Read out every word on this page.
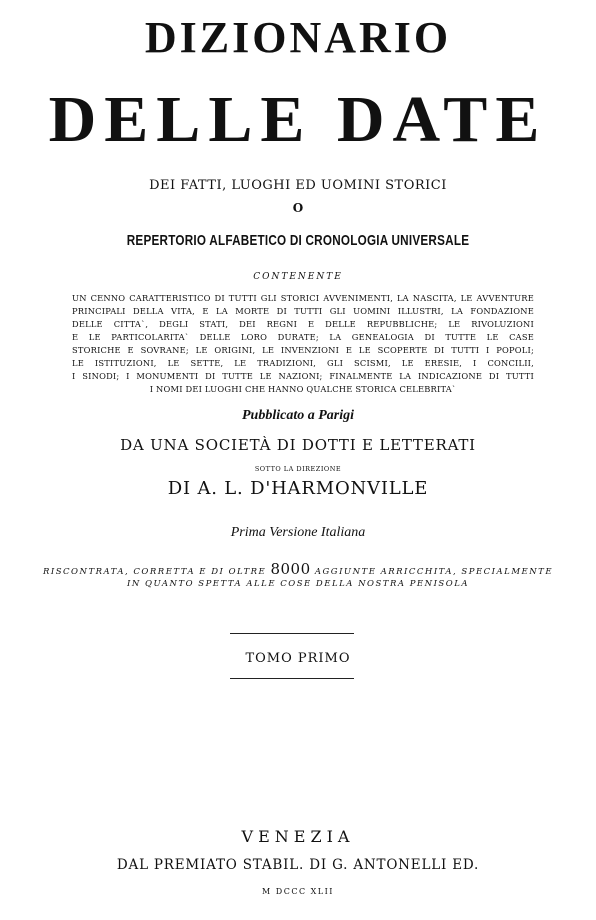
DIZIONARIO
DELLE DATE
DEI FATTI, LUOGHI ED UOMINI STORICI
O
REPERTORIO ALFABETICO DI CRONOLOGIA UNIVERSALE
CONTENENTE
UN CENNO CARATTERISTICO DI TUTTI GLI STORICI AVVENIMENTI, LA NASCITA, LE AVVENTURE
PRINCIPALI DELLA VITA, E LA MORTE DI TUTTI GLI UOMINI ILLUSTRI, LA FONDAZIONE
DELLE CITTA`, DEGLI STATI, DEI REGNI E DELLE REPUBBLICHE; LE RIVOLUZIONI
E LE PARTICOLARITA` DELLE LORO DURATE; LA GENEALOGIA DI TUTTE LE CASE
STORICHE E SOVRANE; LE ORIGINI, LE INVENZIONI E LE SCOPERTE DI TUTTI I POPOLI;
LE ISTITUZIONI, LE SETTE, LE TRADIZIONI, GLI SCISMI, LE ERESIE, I CONCILII,
I SINODI; I MONUMENTI DI TUTTE LE NAZIONI; FINALMENTE LA INDICAZIONE DI TUTTI
I NOMI DEI LUOGHI CHE HANNO QUALCHE STORICA CELEBRITA`
Pubblicato a Parigi
DA UNA SOCIETÀ DI DOTTI E LETTERATI
SOTTO LA DIREZIONE
DI A. L. D'HARMONVILLE
Prima Versione Italiana
RISCONTRATA, CORRETTA E DI OLTRE 8000 AGGIUNTE ARRICCHITA, SPECIALMENTE
IN QUANTO SPETTA ALLE COSE DELLA NOSTRA PENISOLA
TOMO PRIMO
VENEZIA
DAL PREMIATO STABIL. DI G. ANTONELLI ED.
M DCCC XLII
